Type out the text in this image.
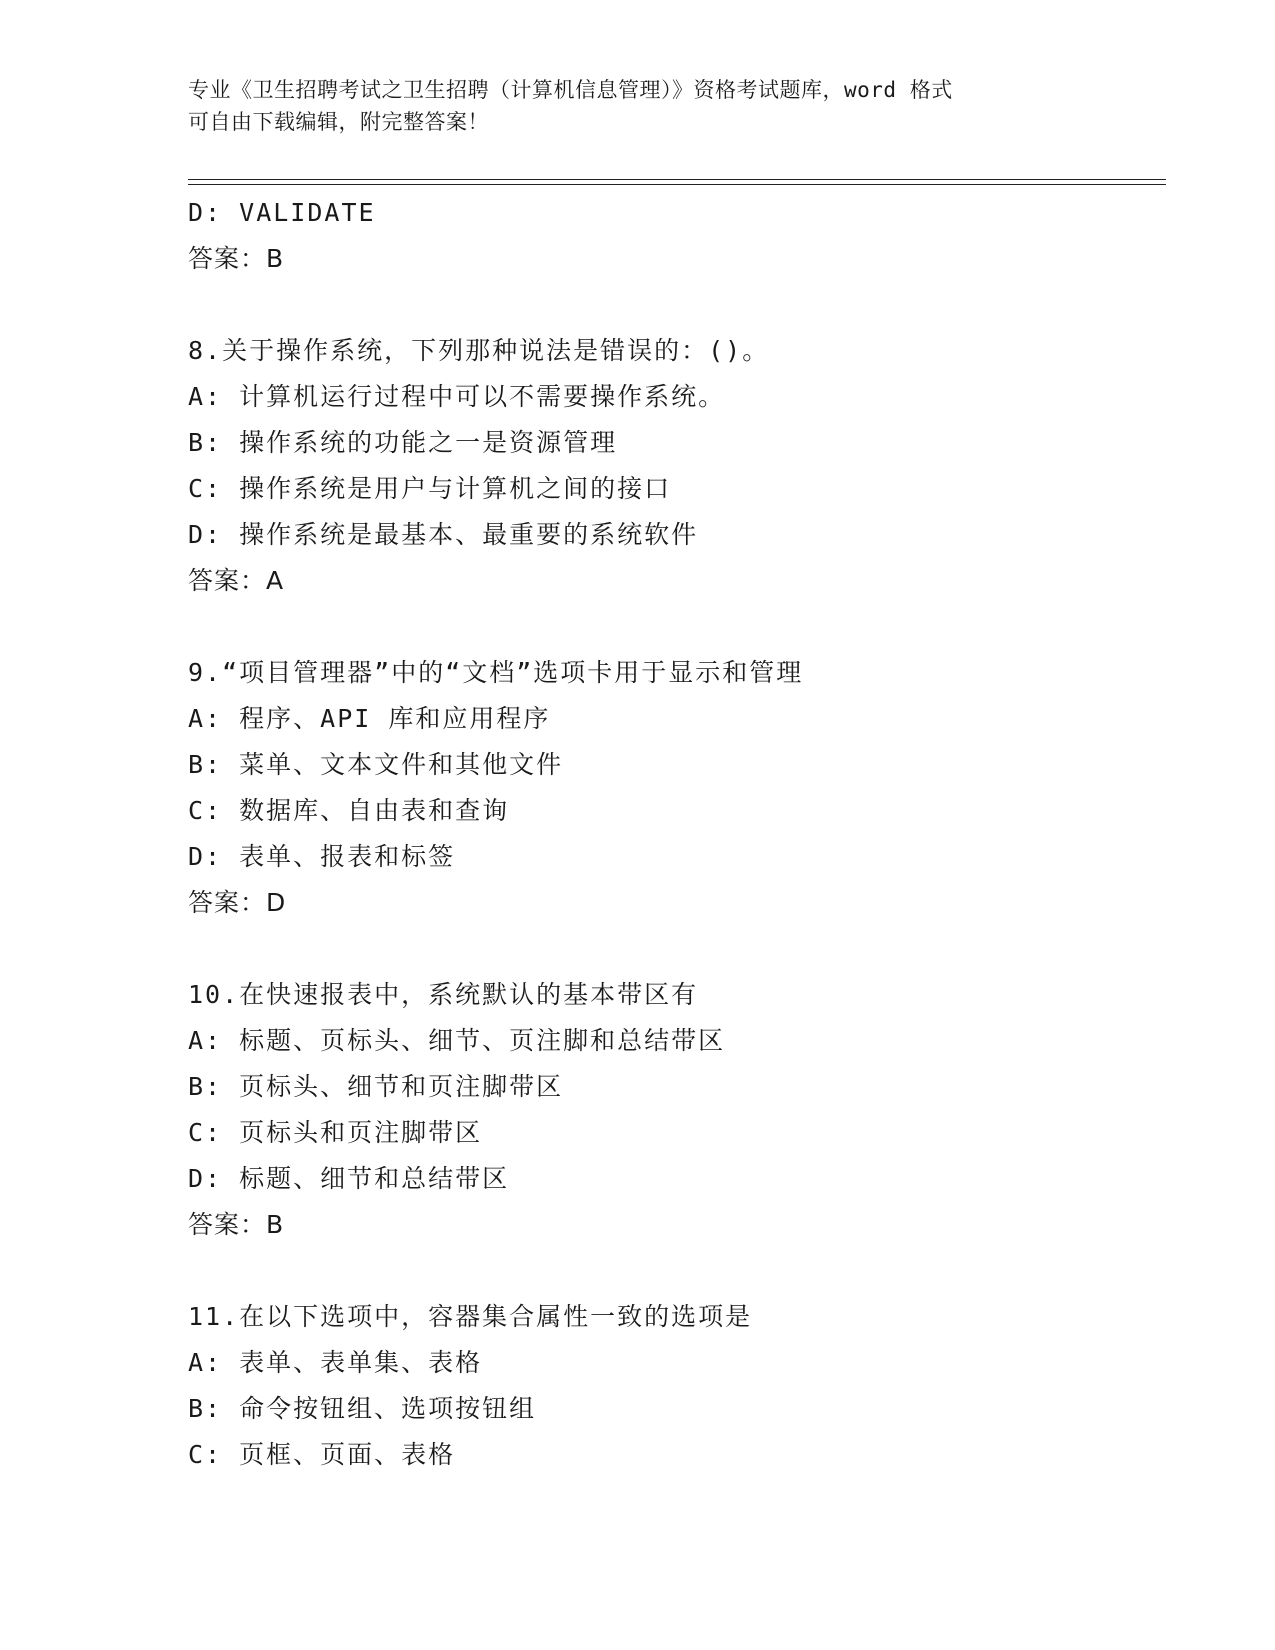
专业《卫生招聘考试之卫生招聘（计算机信息管理）》资格考试题库，word 格式
可自由下载编辑，附完整答案！
D: VALIDATE
答案：B
8.关于操作系统，下列那种说法是错误的：()。
A: 计算机运行过程中可以不需要操作系统。
B: 操作系统的功能之一是资源管理
C: 操作系统是用户与计算机之间的接口
D: 操作系统是最基本、最重要的系统软件
答案：A
9.“项目管理器”中的“文档”选项卡用于显示和管理
A: 程序、API 库和应用程序
B: 菜单、文本文件和其他文件
C: 数据库、自由表和查询
D: 表单、报表和标签
答案：D
10.在快速报表中，系统默认的基本带区有
A: 标题、页标头、细节、页注脚和总结带区
B: 页标头、细节和页注脚带区
C: 页标头和页注脚带区
D: 标题、细节和总结带区
答案：B
11.在以下选项中，容器集合属性一致的选项是
A: 表单、表单集、表格
B: 命令按钮组、选项按钮组
C: 页框、页面、表格
